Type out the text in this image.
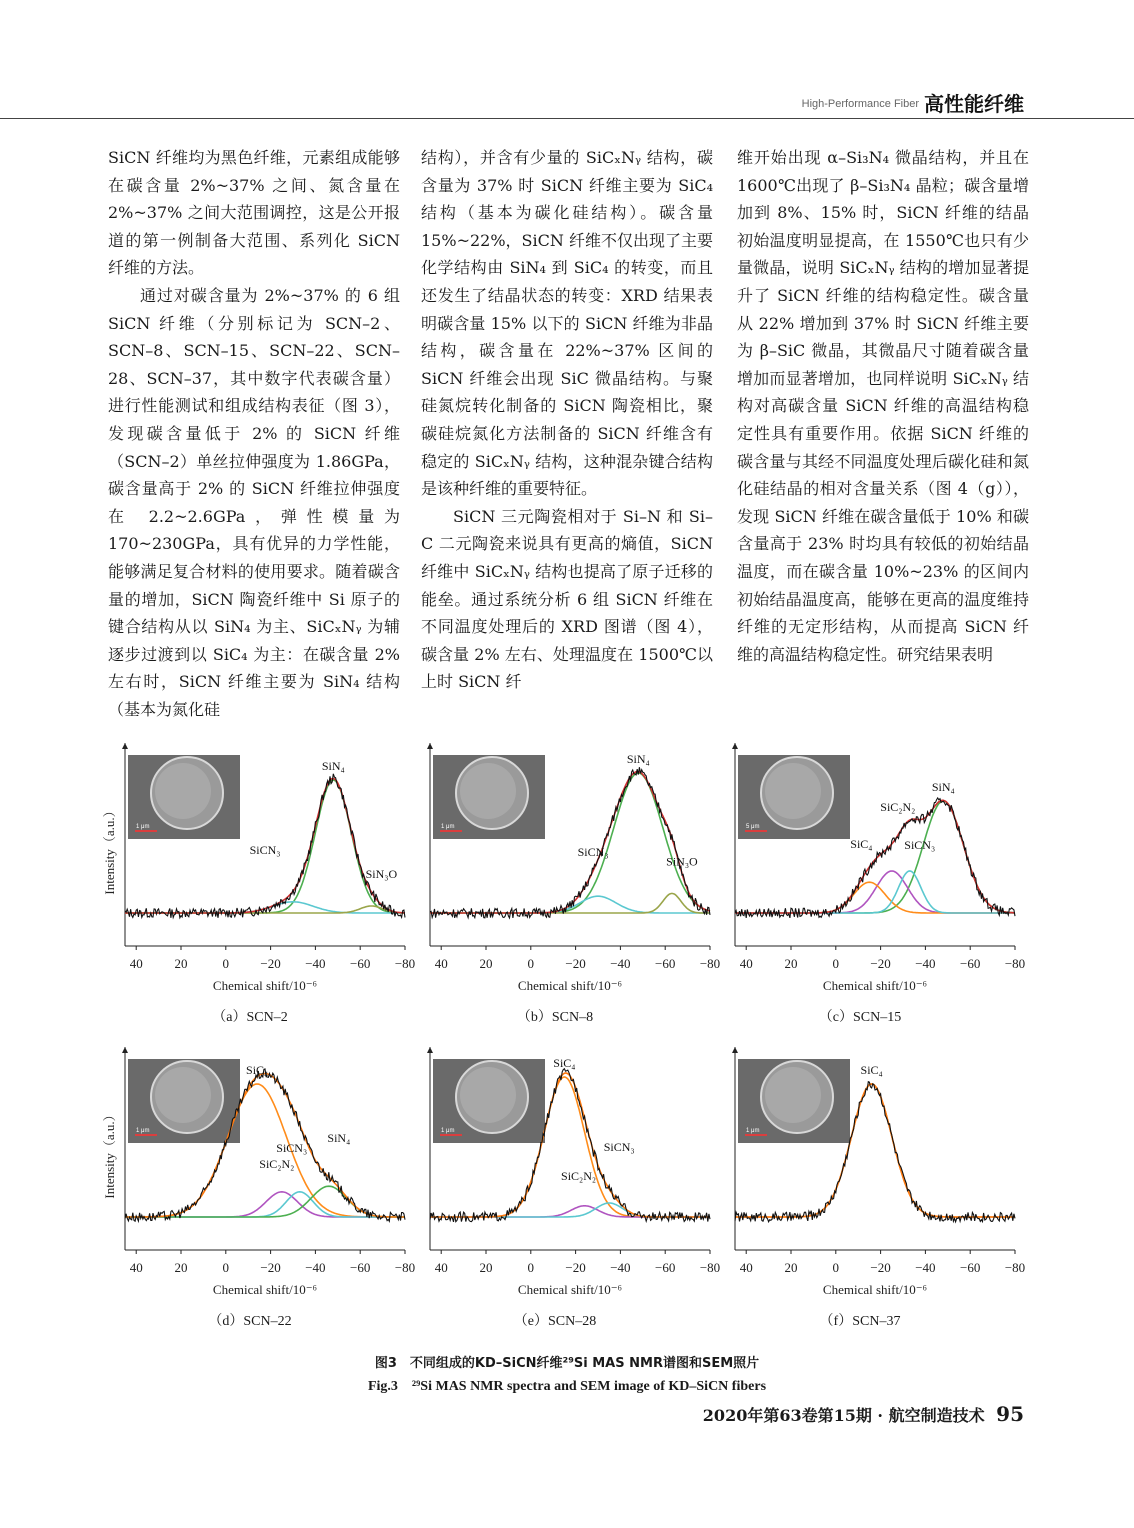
High-Performance Fiber 高性能纤维

SiCN 纤维均为黑色纤维，元素组成能够在碳含量 2%~37% 之间、氮含量在 2%~37% 之间大范围调控，这是公开报道的第一例制备大范围、系列化 SiCN 纤维的方法。

通过对碳含量为 2%~37% 的 6 组 SiCN 纤维（分别标记为 SCN–2、SCN–8、SCN–15、SCN–22、SCN–28、SCN–37，其中数字代表碳含量）进行性能测试和组成结构表征（图 3），发现碳含量低于 2% 的 SiCN 纤维（SCN–2）单丝拉伸强度为 1.86GPa，碳含量高于 2% 的 SiCN 纤维拉伸强度在 2.2~2.6GPa，弹性模量为 170~230GPa，具有优异的力学性能，能够满足复合材料的使用要求。随着碳含量的增加，SiCN 陶瓷纤维中 Si 原子的键合结构从以 SiN₄ 为主、SiCₓNᵧ 为辅逐步过渡到以 SiC₄ 为主：在碳含量 2% 左右时，SiCN 纤维主要为 SiN₄ 结构（基本为氮化硅

结构），并含有少量的 SiCₓNᵧ 结构，碳含量为 37% 时 SiCN 纤维主要为 SiC₄ 结构（基本为碳化硅结构）。碳含量 15%~22%，SiCN 纤维不仅出现了主要化学结构由 SiN₄ 到 SiC₄ 的转变，而且还发生了结晶状态的转变：XRD 结果表明碳含量 15% 以下的 SiCN 纤维为非晶结构，碳含量在 22%~37% 区间的 SiCN 纤维会出现 SiC 微晶结构。与聚硅氮烷转化制备的 SiCN 陶瓷相比，聚碳硅烷氮化方法制备的 SiCN 纤维含有稳定的 SiCₓNᵧ 结构，这种混杂键合结构是该种纤维的重要特征。

SiCN 三元陶瓷相对于 Si–N 和 Si–C 二元陶瓷来说具有更高的熵值，SiCN 纤维中 SiCₓNᵧ 结构也提高了原子迁移的能垒。通过系统分析 6 组 SiCN 纤维在不同温度处理后的 XRD 图谱（图 4），碳含量 2% 左右、处理温度在 1500℃以上时 SiCN 纤

维开始出现 α–Si₃N₄ 微晶结构，并且在 1600℃出现了 β–Si₃N₄ 晶粒；碳含量增加到 8%、15% 时，SiCN 纤维的结晶初始温度明显提高，在 1550℃也只有少量微晶，说明 SiCₓNᵧ 结构的增加显著提升了 SiCN 纤维的结构稳定性。碳含量从 22% 增加到 37% 时 SiCN 纤维主要为 β–SiC 微晶，其微晶尺寸随着碳含量增加而显著增加，也同样说明 SiCₓNᵧ 结构对高碳含量 SiCN 纤维的高温结构稳定性具有重要作用。依据 SiCN 纤维的碳含量与其经不同温度处理后碳化硅和氮化硅结晶的相对含量关系（图 4（g）），发现 SiCN 纤维在碳含量低于 10% 和碳含量高于 23% 时均具有较低的初始结晶温度，而在碳含量 10%~23% 的区间内初始结晶温度高，能够在更高的温度维持纤维的无定形结构，从而提高 SiCN 纤维的高温结构稳定性。研究结果表明

40 20	0 −20 −40 −60 −80
Chemical shift/10⁻⁶
Intensity（a.u.）	1 μm
SiN₄
SiCN₃
SiN₃O
（a）SCN–2
40 20	0 −20 −40 −60 −80
Chemical shift/10⁻⁶
1 μm
SiN₄
SiCN₃
SiN₃O
（b）SCN–8
40 20	0 −20 −40 −60 −80
Chemical shift/10⁻⁶
5 μm
SiN₄
SiC₂N₂
SiC₄	SiCN₃
（c）SCN–15
40 20	0 −20 −40 −60 −80
Chemical shift/10⁻⁶
Intensity（a.u.）	1 μm
SiC₄
SiC₂N₂
SiCN₃
SiN₄
（d）SCN–22
40 20	0 −20 −40 −60 −80
Chemical shift/10⁻⁶
1 μm
SiC₄
SiC₂N₂
SiCN₃
（e）SCN–28
40 20	0 −20 −40 −60 −80
Chemical shift/10⁻⁶
1 μm
SiC₄
（f）SCN–37
图3　不同组成的KD–SiCN纤维²⁹Si MAS NMR谱图和SEM照片
Fig.3　²⁹Si MAS NMR spectra and SEM image of KD–SiCN fibers
2020年第63卷第15期 · 航空制造技术 95
